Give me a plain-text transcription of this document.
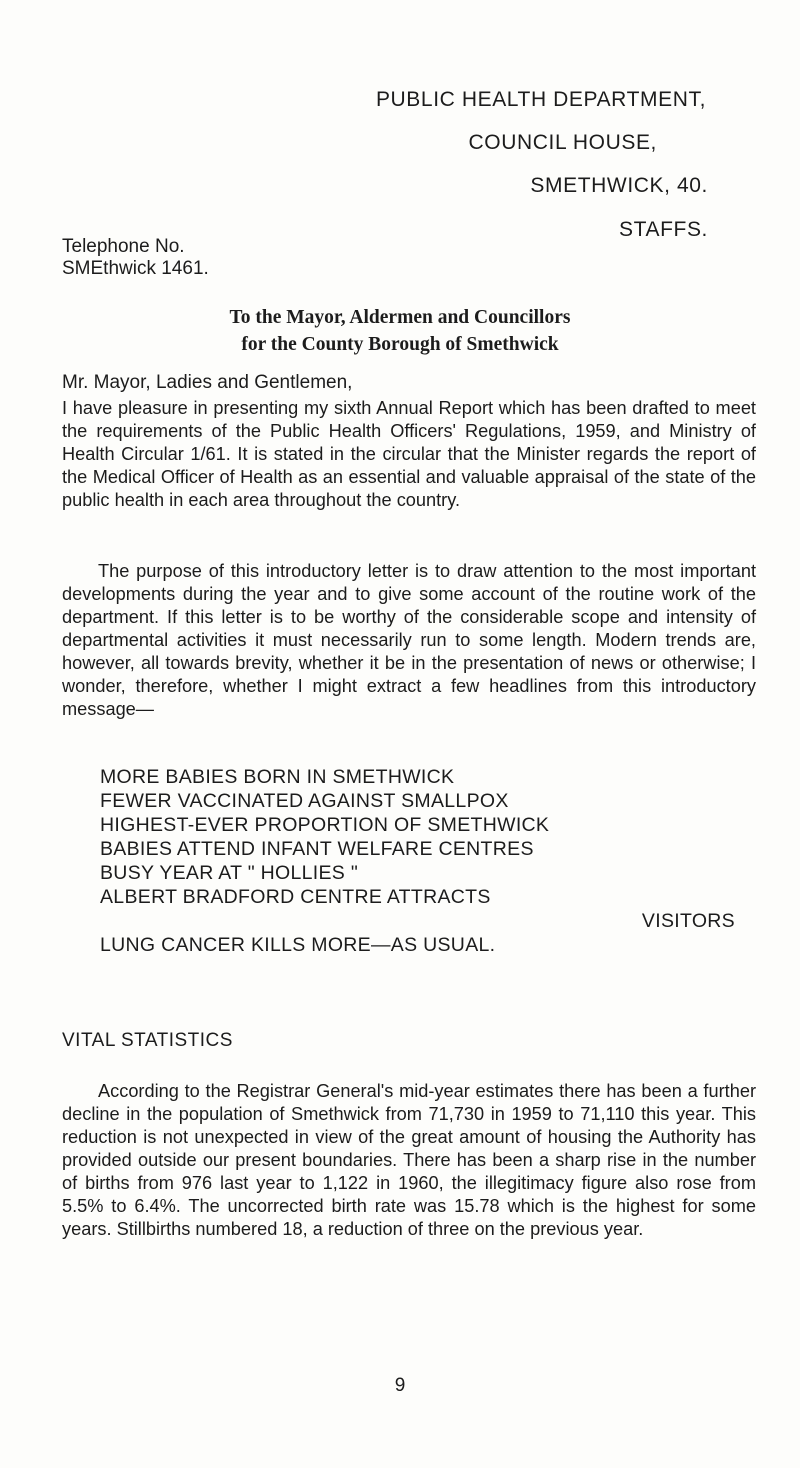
PUBLIC HEALTH DEPARTMENT,
COUNCIL HOUSE,
SMETHWICK, 40.
STAFFS.
Telephone No.
SMEthwick 1461.
To the Mayor, Aldermen and Councillors
for the County Borough of Smethwick
Mr. Mayor, Ladies and Gentlemen,

I have pleasure in presenting my sixth Annual Report which has been drafted to meet the requirements of the Public Health Officers' Regulations, 1959, and Ministry of Health Circular 1/61. It is stated in the circular that the Minister regards the report of the Medical Officer of Health as an essential and valuable appraisal of the state of the public health in each area throughout the country.

The purpose of this introductory letter is to draw attention to the most important developments during the year and to give some account of the routine work of the department. If this letter is to be worthy of the considerable scope and intensity of departmental activities it must necessarily run to some length. Modern trends are, however, all towards brevity, whether it be in the presentation of news or otherwise; I wonder, therefore, whether I might extract a few headlines from this introductory message—

MORE BABIES BORN IN SMETHWICK
FEWER VACCINATED AGAINST SMALLPOX
HIGHEST-EVER PROPORTION OF SMETHWICK
BABIES ATTEND INFANT WELFARE CENTRES
BUSY YEAR AT " HOLLIES "
ALBERT BRADFORD CENTRE ATTRACTS
VISITORS
LUNG CANCER KILLS MORE—AS USUAL.
VITAL STATISTICS

According to the Registrar General's mid-year estimates there has been a further decline in the population of Smethwick from 71,730 in 1959 to 71,110 this year. This reduction is not unexpected in view of the great amount of housing the Authority has provided outside our present boundaries. There has been a sharp rise in the number of births from 976 last year to 1,122 in 1960, the illegitimacy figure also rose from 5.5% to 6.4%. The uncorrected birth rate was 15.78 which is the highest for some years. Stillbirths numbered 18, a reduction of three on the previous year.

9
